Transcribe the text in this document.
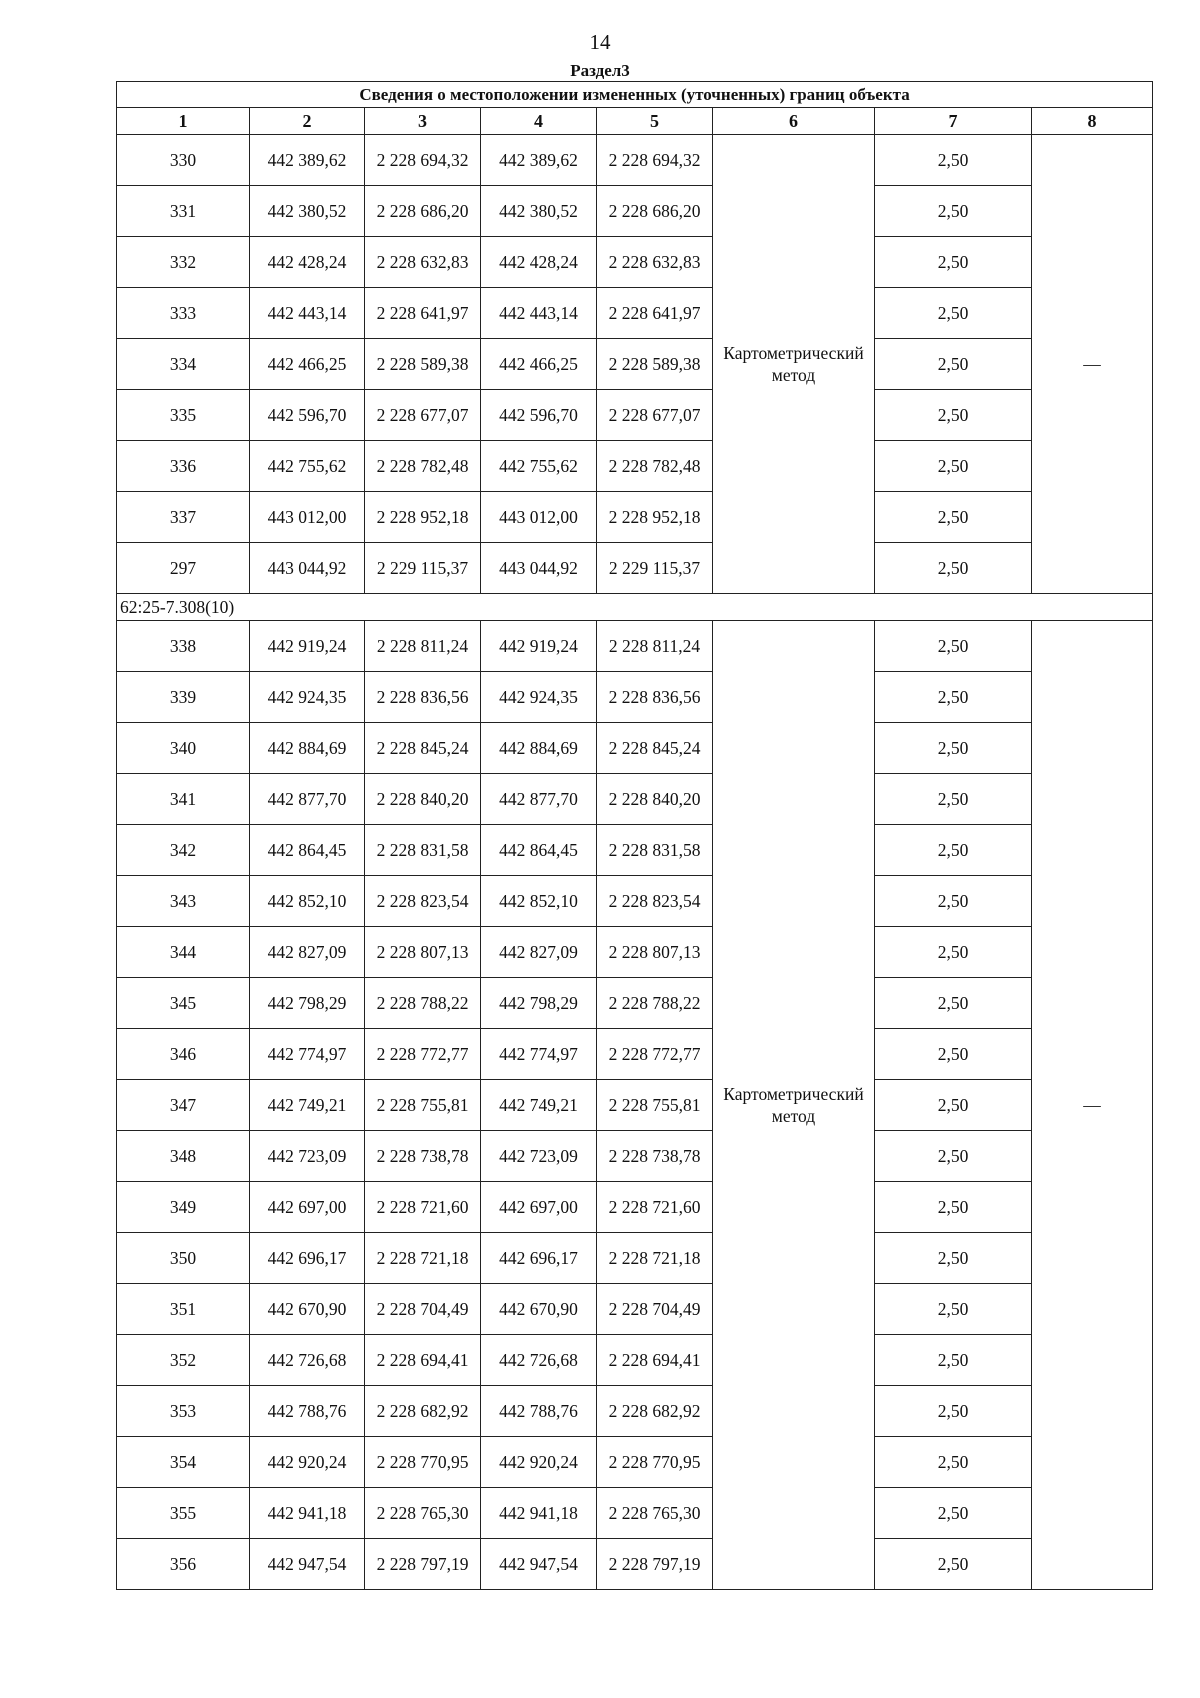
14
Раздел3
Сведения о местоположении измененных (уточненных) границ объекта							
1	2	3	4	5	6	7	8
330	442 389,62	2 228 694,32	442 389,62	2 228 694,32	Картометрический метод	2,50	—
331	442 380,52	2 228 686,20	442 380,52	2 228 686,20		2,50	
332	442 428,24	2 228 632,83	442 428,24	2 228 632,83		2,50	
333	442 443,14	2 228 641,97	442 443,14	2 228 641,97		2,50	
334	442 466,25	2 228 589,38	442 466,25	2 228 589,38		2,50	
335	442 596,70	2 228 677,07	442 596,70	2 228 677,07		2,50	
336	442 755,62	2 228 782,48	442 755,62	2 228 782,48		2,50	
337	443 012,00	2 228 952,18	443 012,00	2 228 952,18		2,50	
297	443 044,92	2 229 115,37	443 044,92	2 229 115,37		2,50	
62:25-7.308(10)							
338	442 919,24	2 228 811,24	442 919,24	2 228 811,24	Картометрический метод	2,50	—
339	442 924,35	2 228 836,56	442 924,35	2 228 836,56		2,50	
340	442 884,69	2 228 845,24	442 884,69	2 228 845,24		2,50	
341	442 877,70	2 228 840,20	442 877,70	2 228 840,20		2,50	
342	442 864,45	2 228 831,58	442 864,45	2 228 831,58		2,50	
343	442 852,10	2 228 823,54	442 852,10	2 228 823,54		2,50	
344	442 827,09	2 228 807,13	442 827,09	2 228 807,13		2,50	
345	442 798,29	2 228 788,22	442 798,29	2 228 788,22		2,50	
346	442 774,97	2 228 772,77	442 774,97	2 228 772,77		2,50	
347	442 749,21	2 228 755,81	442 749,21	2 228 755,81		2,50	
348	442 723,09	2 228 738,78	442 723,09	2 228 738,78		2,50	
349	442 697,00	2 228 721,60	442 697,00	2 228 721,60		2,50	
350	442 696,17	2 228 721,18	442 696,17	2 228 721,18		2,50	
351	442 670,90	2 228 704,49	442 670,90	2 228 704,49		2,50	
352	442 726,68	2 228 694,41	442 726,68	2 228 694,41		2,50	
353	442 788,76	2 228 682,92	442 788,76	2 228 682,92		2,50	
354	442 920,24	2 228 770,95	442 920,24	2 228 770,95		2,50	
355	442 941,18	2 228 765,30	442 941,18	2 228 765,30		2,50	
356	442 947,54	2 228 797,19	442 947,54	2 228 797,19		2,50	
